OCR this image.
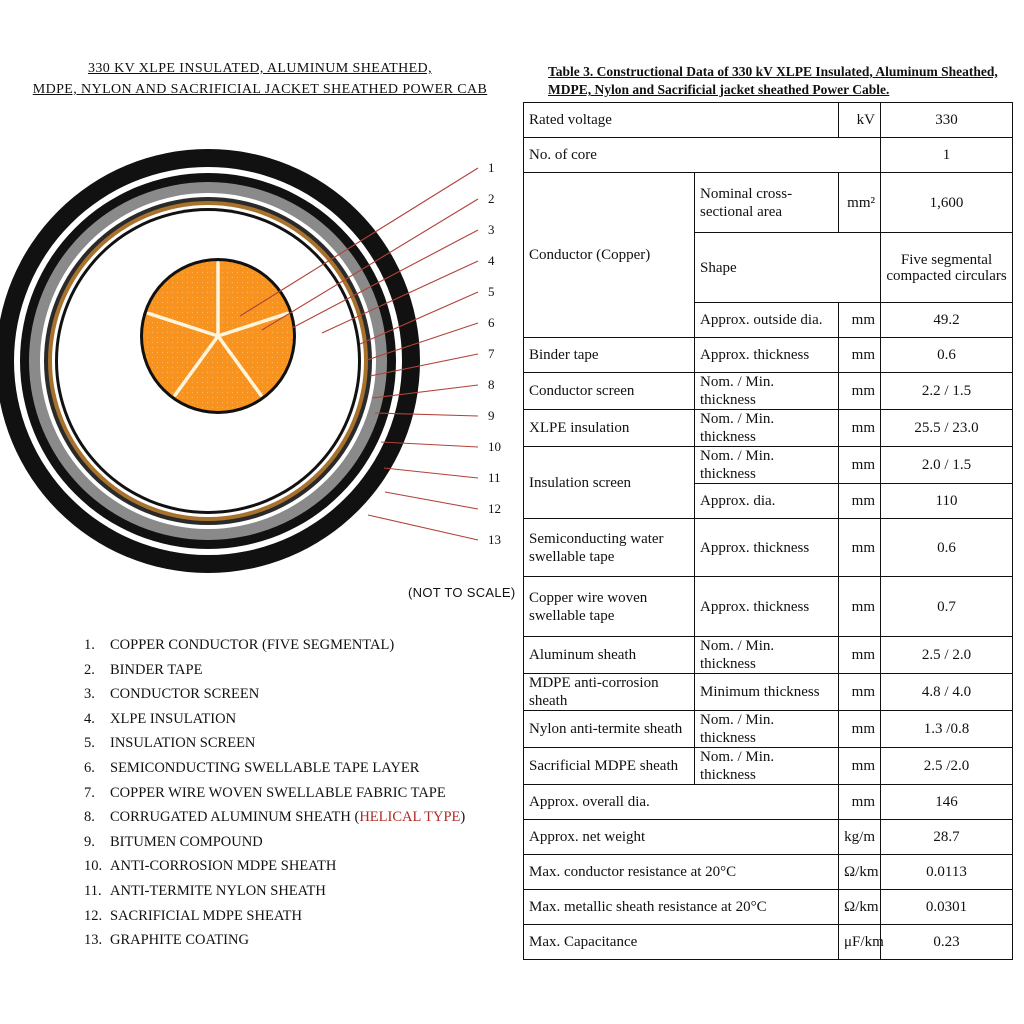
330 KV XLPE INSULATED, ALUMINUM SHEATHED,
MDPE, NYLON AND SACRIFICIAL JACKET SHEATHED POWER CAB
1
2
3
4
5
6
7
8
9
10
11
12
13
(NOT TO SCALE)
1. COPPER CONDUCTOR (FIVE SEGMENTAL)
2. BINDER TAPE
3. CONDUCTOR SCREEN
4. XLPE INSULATION
5. INSULATION SCREEN
6. SEMICONDUCTING SWELLABLE TAPE LAYER
7. COPPER WIRE WOVEN SWELLABLE FABRIC TAPE
8. CORRUGATED ALUMINUM SHEATH (HELICAL TYPE)
9. BITUMEN COMPOUND
10. ANTI-CORROSION MDPE SHEATH
11. ANTI-TERMITE NYLON SHEATH
12. SACRIFICIAL MDPE SHEATH
13. GRAPHITE COATING
Table 3. Constructional Data of 330 kV XLPE Insulated, Aluminum Sheathed,
MDPE, Nylon and Sacrificial jacket sheathed Power Cable.
Rated voltage		kV	330
No. of core			1
Conductor (Copper)	Nominal cross-sectional area	mm²	1,600
	Shape		Five segmental compacted circulars
	Approx. outside dia.	mm	49.2
Binder tape	Approx. thickness	mm	0.6
Conductor screen	Nom. / Min. thickness	mm	2.2 / 1.5
XLPE insulation	Nom. / Min. thickness	mm	25.5 / 23.0
Insulation screen	Nom. / Min. thickness	mm	2.0 / 1.5
	Approx. dia.	mm	110
Semiconducting water swellable tape	Approx. thickness	mm	0.6
Copper wire woven swellable tape	Approx. thickness	mm	0.7
Aluminum sheath	Nom. / Min. thickness	mm	2.5 / 2.0
MDPE anti-corrosion sheath	Minimum thickness	mm	4.8 / 4.0
Nylon anti-termite sheath	Nom. / Min. thickness	mm	1.3 /0.8
Sacrificial MDPE sheath	Nom. / Min. thickness	mm	2.5 /2.0
Approx. overall dia.		mm	146
Approx. net weight		kg/m	28.7
Max. conductor resistance at 20°C		Ω/km	0.0113
Max. metallic sheath resistance at 20°C		Ω/km	0.0301
Max. Capacitance		μF/km	0.23
